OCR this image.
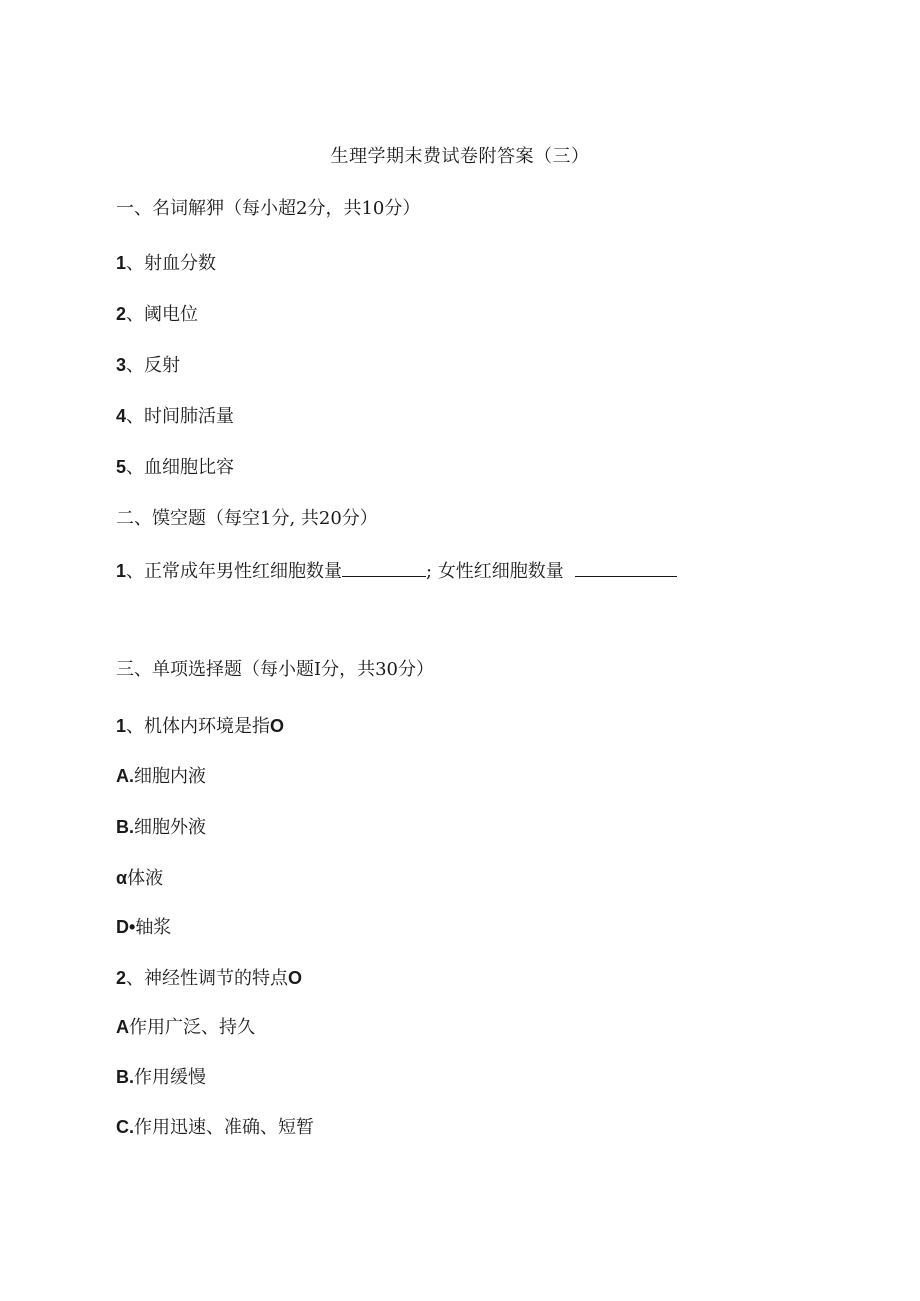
生理学期末费试卷附答案（三）
一、名词解狎（每小超2分，共10分）
1、射血分数
2、阈电位
3、反射
4、时间肺活量
5、血细胞比容
二、馍空题（每空1分, 共20分）
1、正常成年男性红细胞数量	; 女性红细胞数量
三、单项选择题（每小题I分，共30分）
1、机体内环境是指O
A.细胞内液
B.细胞外液
α体液
D•轴浆
2、神经性调节的特点O
A作用广泛、持久
B.作用缓慢
C.作用迅速、准确、短暂
